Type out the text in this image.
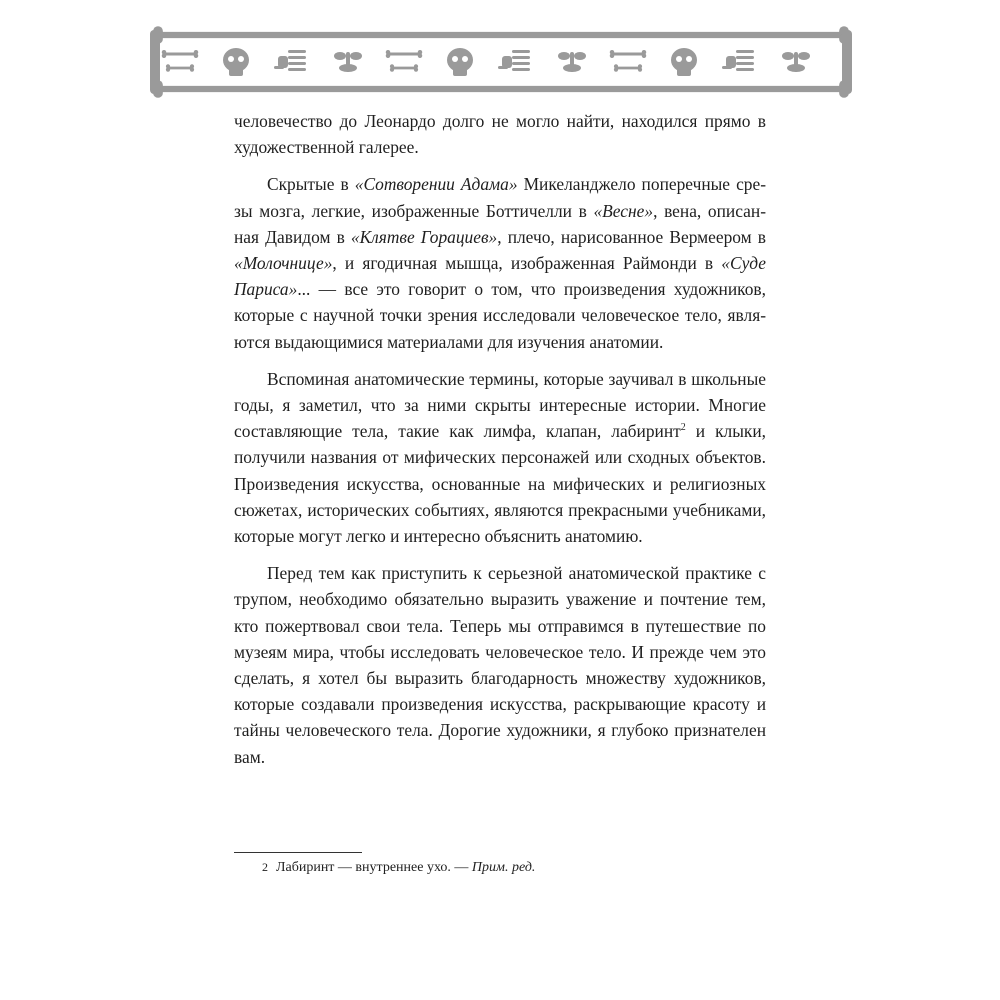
человечество до Леонардо долго не могло найти, находился прямо в художественной галерее.

Скрытые в «Сотворении Адама» Микеланджело поперечные срезы мозга, легкие, изображенные Боттичелли в «Весне», вена, описанная Давидом в «Клятве Горациев», плечо, нарисованное Вермеером в «Молочнице», и ягодичная мышца, изображенная Раймонди в «Суде Париса»... — все это говорит о том, что произведения художников, которые с научной точки зрения исследовали человеческое тело, являются выдающимися материалами для изучения анатомии.

Вспоминая анатомические термины, которые заучивал в школьные годы, я заметил, что за ними скрыты интересные истории. Многие составляющие тела, такие как лимфа, клапан, лабиринт$^2$ и клыки, получили названия от мифических персонажей или сходных объектов. Произведения искусства, основанные на мифических и религиозных сюжетах, исторических событиях, являются прекрасными учебниками, которые могут легко и интересно объяснить анатомию.

Перед тем как приступить к серьезной анатомической практике с трупом, необходимо обязательно выразить уважение и почтение тем, кто пожертвовал свои тела. Теперь мы отправимся в путешествие по музеям мира, чтобы исследовать человеческое тело. И прежде чем это сделать, я хотел бы выразить благодарность множеству художников, которые создавали произведения искусства, раскрывающие красоту и тайны человеческого тела. Дорогие художники, я глубоко признателен вам.

2 Лабиринт — внутреннее ухо. — Прим. ред.
